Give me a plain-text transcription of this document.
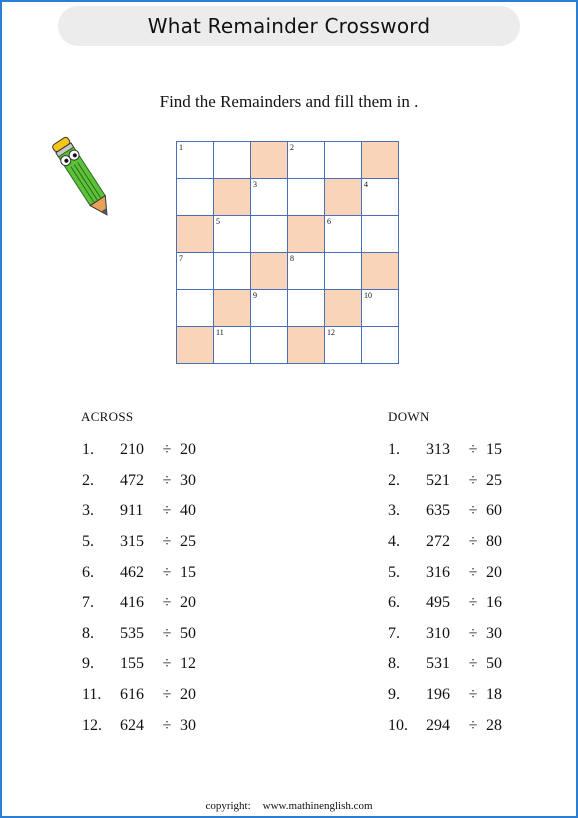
What Remainder Crossword
Find the Remainders and fill them in .
1	2
3	4
5	6
7	8
9	10
11	12
ACROSS	DOWN
1.	210	÷ 20
2.	472	÷ 30
3.	911	÷ 40
5.	315	÷ 25
6.	462	÷ 15
7.	416	÷ 20
8.	535	÷ 50
9.	155	÷ 12
11.	616	÷ 20
12.	624	÷ 30
1.	313	÷ 15
2.	521	÷ 25
3.	635	÷ 60
4.	272	÷ 80
5.	316	÷ 20
6.	495	÷ 16
7.	310	÷ 30
8.	531	÷ 50
9.	196	÷ 18
10.	294	÷ 28
copyright: www.mathinenglish.com
